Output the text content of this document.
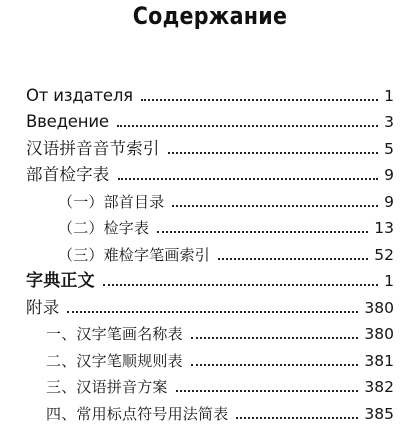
Содержание
От издателя	1
Введение	3
汉语拼音音节索引	5
部首检字表	9
（一）部首目录	9
（二）检字表	13
（三）难检字笔画索引	52
字典正文	1
附录	380
一、汉字笔画名称表	380
二、汉字笔顺规则表	381
三、汉语拼音方案	382
四、常用标点符号用法简表	385
